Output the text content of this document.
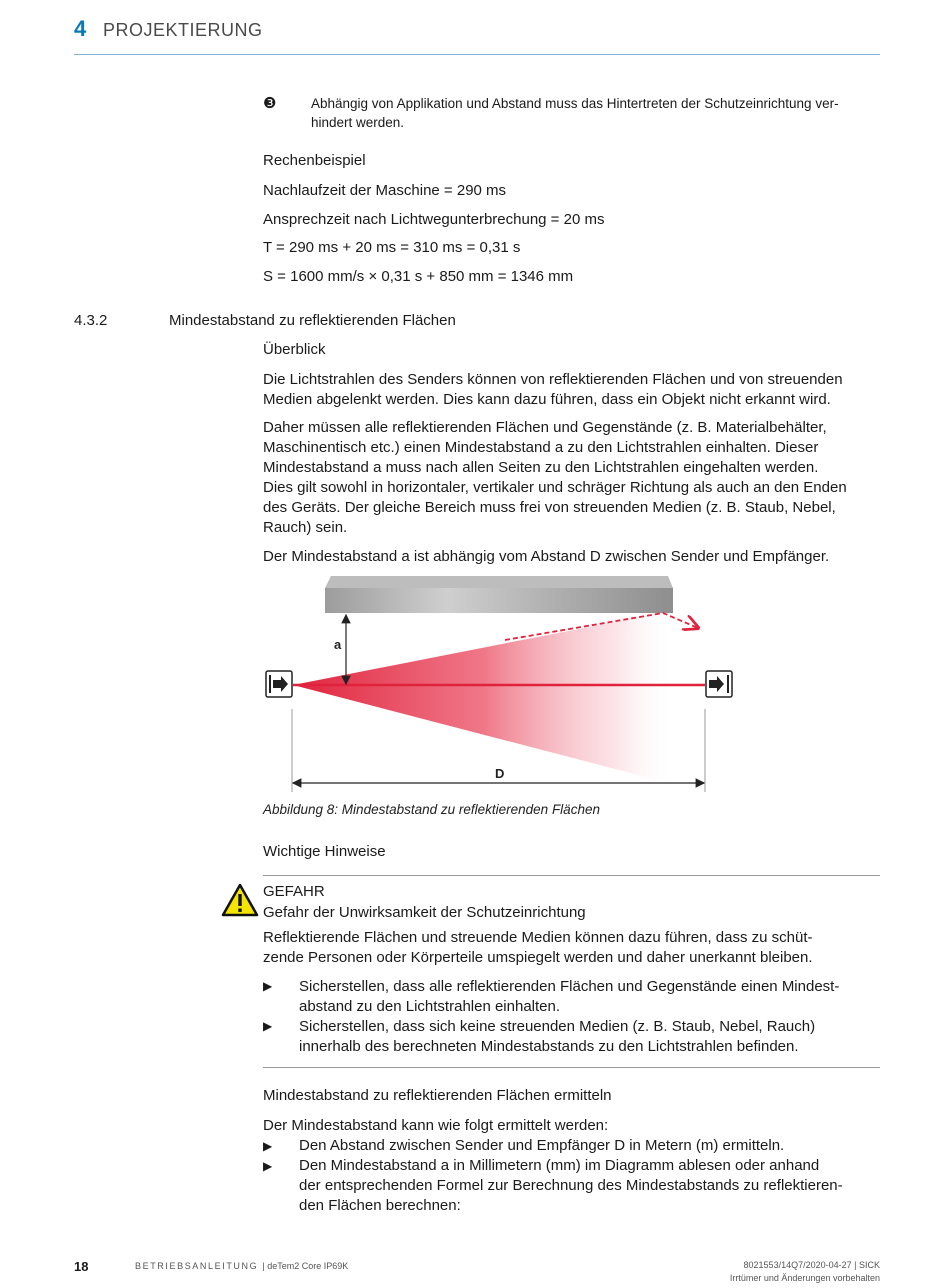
4 PROJEKTIERUNG
❸	Abhängig von Applikation und Abstand muss das Hintertreten der Schutzeinrichtung ver-
hindert werden.
Rechenbeispiel
Nachlaufzeit der Maschine = 290 ms
Ansprechzeit nach Lichtwegunterbrechung = 20 ms
T = 290 ms + 20 ms = 310 ms = 0,31 s
S = 1600 mm/s × 0,31 s + 850 mm = 1346 mm
4.3.2	Mindestabstand zu reflektierenden Flächen
Überblick
Die Lichtstrahlen des Senders können von reflektierenden Flächen und von streuenden
Medien abgelenkt werden. Dies kann dazu führen, dass ein Objekt nicht erkannt wird.
Daher müssen alle reflektierenden Flächen und Gegenstände (z. B. Materialbehälter,
Maschinentisch etc.) einen Mindestabstand a zu den Lichtstrahlen einhalten. Dieser
Mindestabstand a muss nach allen Seiten zu den Lichtstrahlen eingehalten werden.
Dies gilt sowohl in horizontaler, vertikaler und schräger Richtung als auch an den Enden
des Geräts. Der gleiche Bereich muss frei von streuenden Medien (z. B. Staub, Nebel,
Rauch) sein.
Der Mindestabstand a ist abhängig vom Abstand D zwischen Sender und Empfänger.
a
D
Abbildung 8: Mindestabstand zu reflektierenden Flächen
Wichtige Hinweise
GEFAHR
Gefahr der Unwirksamkeit der Schutzeinrichtung
Reflektierende Flächen und streuende Medien können dazu führen, dass zu schüt-
zende Personen oder Körperteile umspiegelt werden und daher unerkannt bleiben.
▶ Sicherstellen, dass alle reflektierenden Flächen und Gegenstände einen Mindest-
abstand zu den Lichtstrahlen einhalten.
▶ Sicherstellen, dass sich keine streuenden Medien (z. B. Staub, Nebel, Rauch)
innerhalb des berechneten Mindestabstands zu den Lichtstrahlen befinden.
Mindestabstand zu reflektierenden Flächen ermitteln
Der Mindestabstand kann wie folgt ermittelt werden:
▶ Den Abstand zwischen Sender und Empfänger D in Metern (m) ermitteln.
▶ Den Mindestabstand a in Millimetern (mm) im Diagramm ablesen oder anhand
der entsprechenden Formel zur Berechnung des Mindestabstands zu reflektieren-
den Flächen berechnen:
18	BETRIEBSANLEITUNG | deTem2 Core IP69K	8021553/14Q7/2020-04-27 | SICK
Irrtümer und Änderungen vorbehalten
